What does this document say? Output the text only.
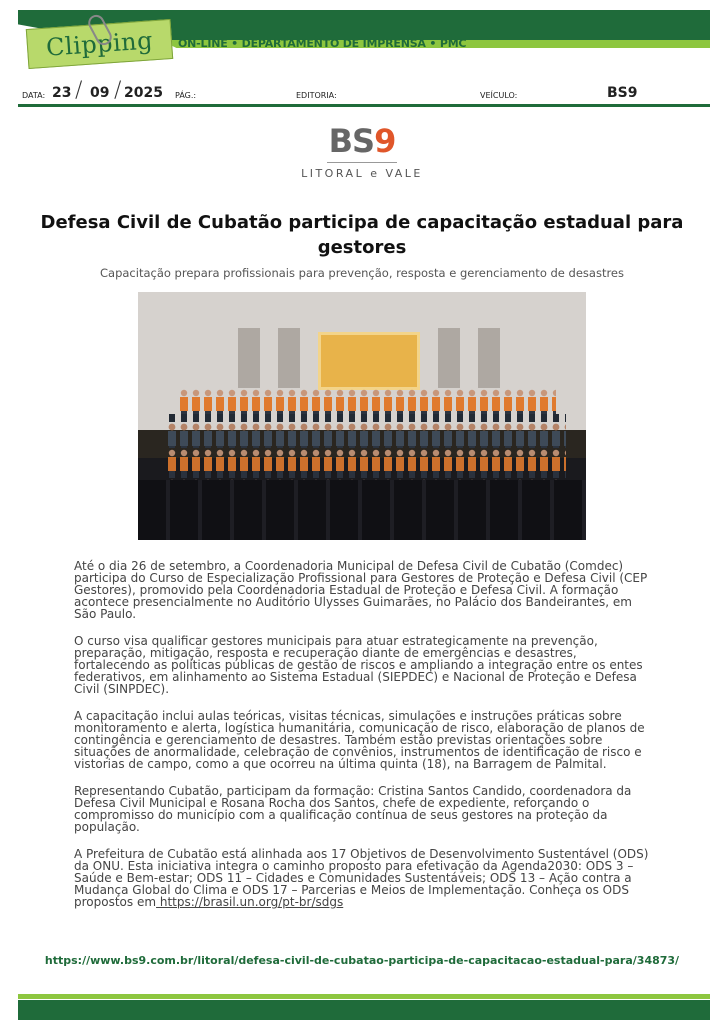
Clipping ON-LINE • DEPARTAMENTO DE IMPRENSA • PMC
DATA: 23 / 09 / 2025 PÁG.:	EDITORIA:	VEÍCULO:	BS9
BS9
LITORAL e VALE
Defesa Civil de Cubatão participa de capacitação estadual para gestores
Capacitação prepara profissionais para prevenção, resposta e gerenciamento de desastres

Até o dia 26 de setembro, a Coordenadoria Municipal de Defesa Civil de Cubatão (Comdec) participa do Curso de Especialização Profissional para Gestores de Proteção e Defesa Civil (CEP Gestores), promovido pela Coordenadoria Estadual de Proteção e Defesa Civil. A formação acontece presencialmente no Auditório Ulysses Guimarães, no Palácio dos Bandeirantes, em São Paulo.

O curso visa qualificar gestores municipais para atuar estrategicamente na prevenção, preparação, mitigação, resposta e recuperação diante de emergências e desastres, fortalecendo as políticas públicas de gestão de riscos e ampliando a integração entre os entes federativos, em alinhamento ao Sistema Estadual (SIEPDEC) e Nacional de Proteção e Defesa Civil (SINPDEC).

A capacitação inclui aulas teóricas, visitas técnicas, simulações e instruções práticas sobre monitoramento e alerta, logística humanitária, comunicação de risco, elaboração de planos de contingência e gerenciamento de desastres. Também estão previstas orientações sobre situações de anormalidade, celebração de convênios, instrumentos de identificação de risco e vistorias de campo, como a que ocorreu na última quinta (18), na Barragem de Palmital.

Representando Cubatão, participam da formação: Cristina Santos Candido, coordenadora da Defesa Civil Municipal e Rosana Rocha dos Santos, chefe de expediente, reforçando o compromisso do município com a qualificação contínua de seus gestores na proteção da população.

A Prefeitura de Cubatão está alinhada aos 17 Objetivos de Desenvolvimento Sustentável (ODS) da ONU. Esta iniciativa integra o caminho proposto para efetivação da Agenda2030: ODS 3 – Saúde e Bem-estar; ODS 11 – Cidades e Comunidades Sustentáveis; ODS 13 – Ação contra a Mudança Global do Clima e ODS 17 – Parcerias e Meios de Implementação. Conheça os ODS propostos em https://brasil.un.org/pt-br/sdgs

https://www.bs9.com.br/litoral/defesa-civil-de-cubatao-participa-de-capacitacao-estadual-para/34873/
